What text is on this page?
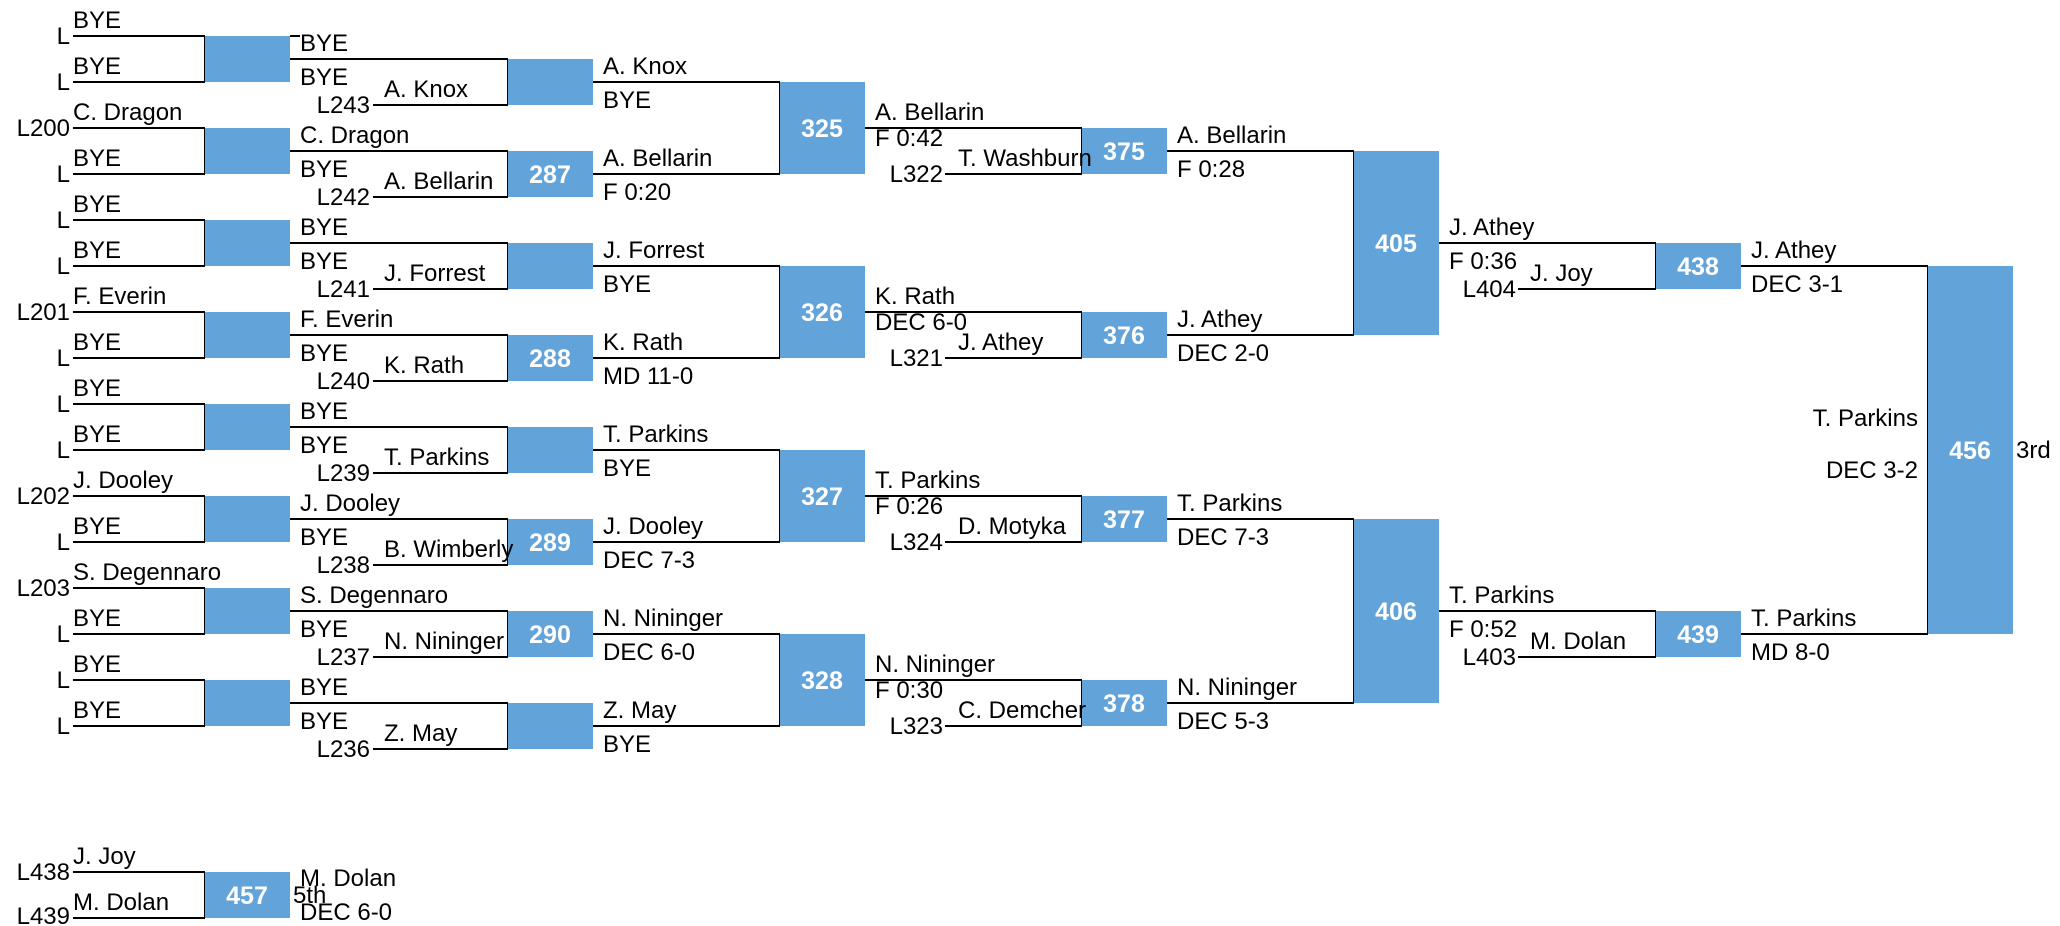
BYE
BYE
L
L
C. Dragon
BYE
L200
L
BYE
BYE
L
L
F. Everin
BYE
L201
L
BYE
BYE
L
L
J. Dooley
BYE
L202
L
S. Degennaro
BYE
L203
L
BYE
BYE
L
L
BYE
C. Dragon
BYE
F. Everin
BYE
J. Dooley
S. Degennaro
BYE
BYE
L243
A. Knox
BYE
L242
A. Bellarin
BYE
L241
J. Forrest
BYE
L240
K. Rath
BYE
L239
T. Parkins
BYE
L238
B. Wimberly
BYE
L237
N. Nininger
BYE
L236
Z. May
A. Knox
BYE
A. Bellarin
F 0:20
J. Forrest
BYE
K. Rath
MD 11-0
T. Parkins
BYE
J. Dooley
DEC 7-3
N. Nininger
DEC 6-0
Z. May
BYE
A. Bellarin
F 0:42
K. Rath
DEC 6-0
T. Parkins
F 0:26
N. Nininger
F 0:30
L322
T. Washburn
L321
J. Athey
L324
D. Motyka
L323
C. Demcher
A. Bellarin
F 0:28
J. Athey
DEC 2-0
T. Parkins
DEC 7-3
N. Nininger
DEC 5-3
J. Athey
F 0:36
T. Parkins
F 0:52
L404
J. Joy
L403
M. Dolan
J. Athey
DEC 3-1
T. Parkins
MD 8-0
T. Parkins
DEC 3-2
3rd
J. Joy
M. Dolan
L438
L439
M. Dolan
DEC 6-0
5th
287
288
289
290
325
326
327
328
375
376
377
378
405
406
438
439
456
457
